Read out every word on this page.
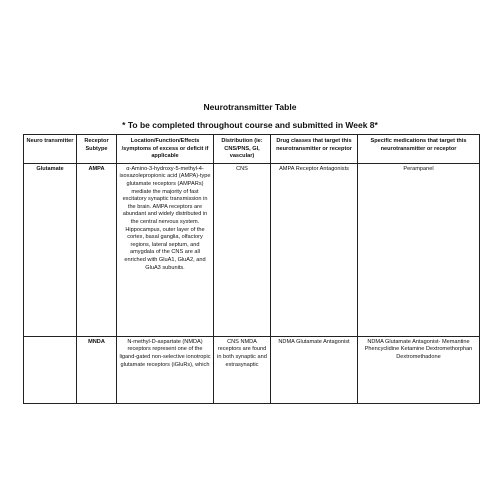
Neurotransmitter Table
* To be completed throughout course and submitted in Week 8*
Neuro transmitter	Receptor Subtype	Location/Function/Effects /symptoms of excess or deficit if applicable	Distribution (ie: CNS/PNS, GI, vascular)	Drug classes that target this neurotransmitter or receptor	Specific medications that target this neurotransmitter or receptor
Glutamate	AMPA	α-Amino-3-hydroxy-5-methyl-4-isoxazolepropionic acid (AMPA)-type glutamate receptors (AMPARs) mediate the majority of fast excitatory synaptic transmission in the brain. AMPA receptors are abundant and widely distributed in the central nervous system. Hippocampus, outer layer of the cortex, basal ganglia, olfactory regions, lateral septum, and amygdala of the CNS are all enriched with GluA1, GluA2, and GluA3 subunits.	CNS	AMPA Receptor Antagonists	Perampanel
	MNDA	N-methyl-D-aspartate (NMDA) receptors represent one of the ligand-gated non-selective ionotropic glutamate receptors (iGluRs), which	CNS NMDA receptors are found in both synaptic and extrasynaptic	NDMA Glutamate Antagonist	NDMA Glutamate Antagonist- Memantine Phencyclidine Ketamine Dextromethorphan Dextromethadone
